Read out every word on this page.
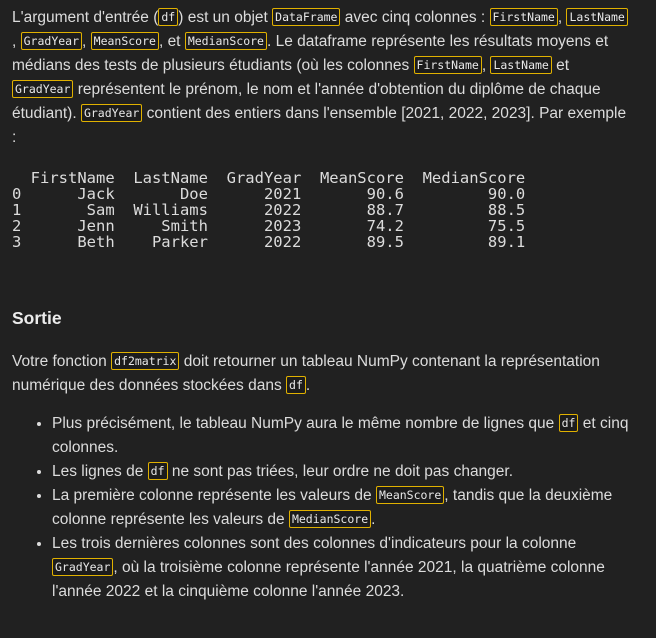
L'argument d'entrée ( df ) est un objet DataFrame avec cinq colonnes : FirstName , LastName, GradYear , MeanScore , et MedianScore . Le dataframe représente les résultats moyens et médians des tests de plusieurs étudiants (où les colonnes FirstName , LastName et GradYear représentent le prénom, le nom et l'année d'obtention du diplôme de chaque étudiant). GradYear contient des entiers dans l'ensemble [2021, 2022, 2023]. Par exemple :

FirstName  LastName  GradYear  MeanScore  MedianScore
0      Jack       Doe      2021       90.6         90.0
1       Sam  Williams      2022       88.7         88.5
2      Jenn     Smith      2023       74.2         75.5
3      Beth    Parker      2022       89.5         89.1
Sortie

Votre fonction df2matrix doit retourner un tableau NumPy contenant la représentation numérique des données stockées dans df .

• Plus précisément, le tableau NumPy aura le même nombre de lignes que df et cinq colonnes.
• Les lignes de df ne sont pas triées, leur ordre ne doit pas changer.
• La première colonne représente les valeurs de MeanScore , tandis que la deuxième colonne représente les valeurs de MedianScore .
• Les trois dernières colonnes sont des colonnes d'indicateurs pour la colonne GradYear , où la troisième colonne représente l'année 2021, la quatrième colonne l'année 2022 et la cinquième colonne l'année 2023.
